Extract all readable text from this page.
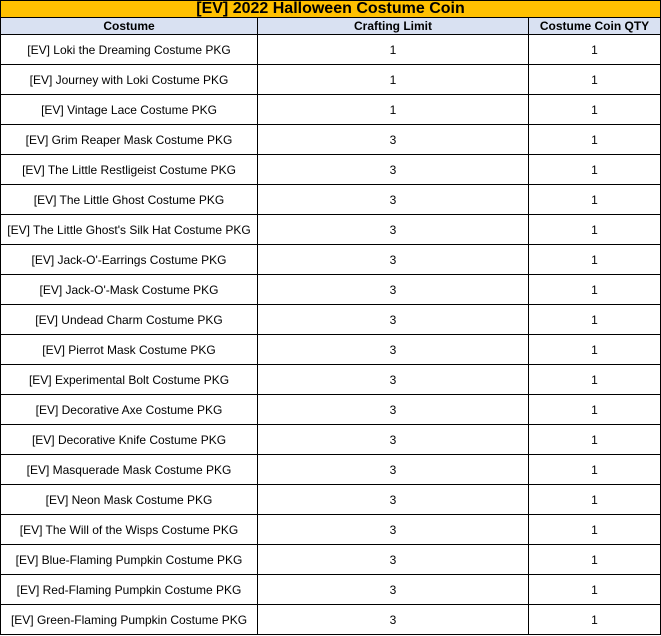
[EV] 2022 Halloween Costume Coin		
Costume	Crafting Limit	Costume Coin QTY
[EV] Loki the Dreaming Costume PKG	1	1
[EV] Journey with Loki Costume PKG	1	1
[EV] Vintage Lace Costume PKG	1	1
[EV] Grim Reaper Mask Costume PKG	3	1
[EV] The Little Restligeist Costume PKG	3	1
[EV] The Little Ghost Costume PKG	3	1
[EV] The Little Ghost's Silk Hat Costume PKG	3	1
[EV] Jack-O'-Earrings Costume PKG	3	1
[EV] Jack-O'-Mask Costume PKG	3	1
[EV] Undead Charm Costume PKG	3	1
[EV] Pierrot Mask Costume PKG	3	1
[EV] Experimental Bolt Costume PKG	3	1
[EV] Decorative Axe Costume PKG	3	1
[EV] Decorative Knife Costume PKG	3	1
[EV] Masquerade Mask Costume PKG	3	1
[EV] Neon Mask Costume PKG	3	1
[EV] The Will of the Wisps Costume PKG	3	1
[EV] Blue-Flaming Pumpkin Costume PKG	3	1
[EV] Red-Flaming Pumpkin Costume PKG	3	1
[EV] Green-Flaming Pumpkin Costume PKG	3	1
